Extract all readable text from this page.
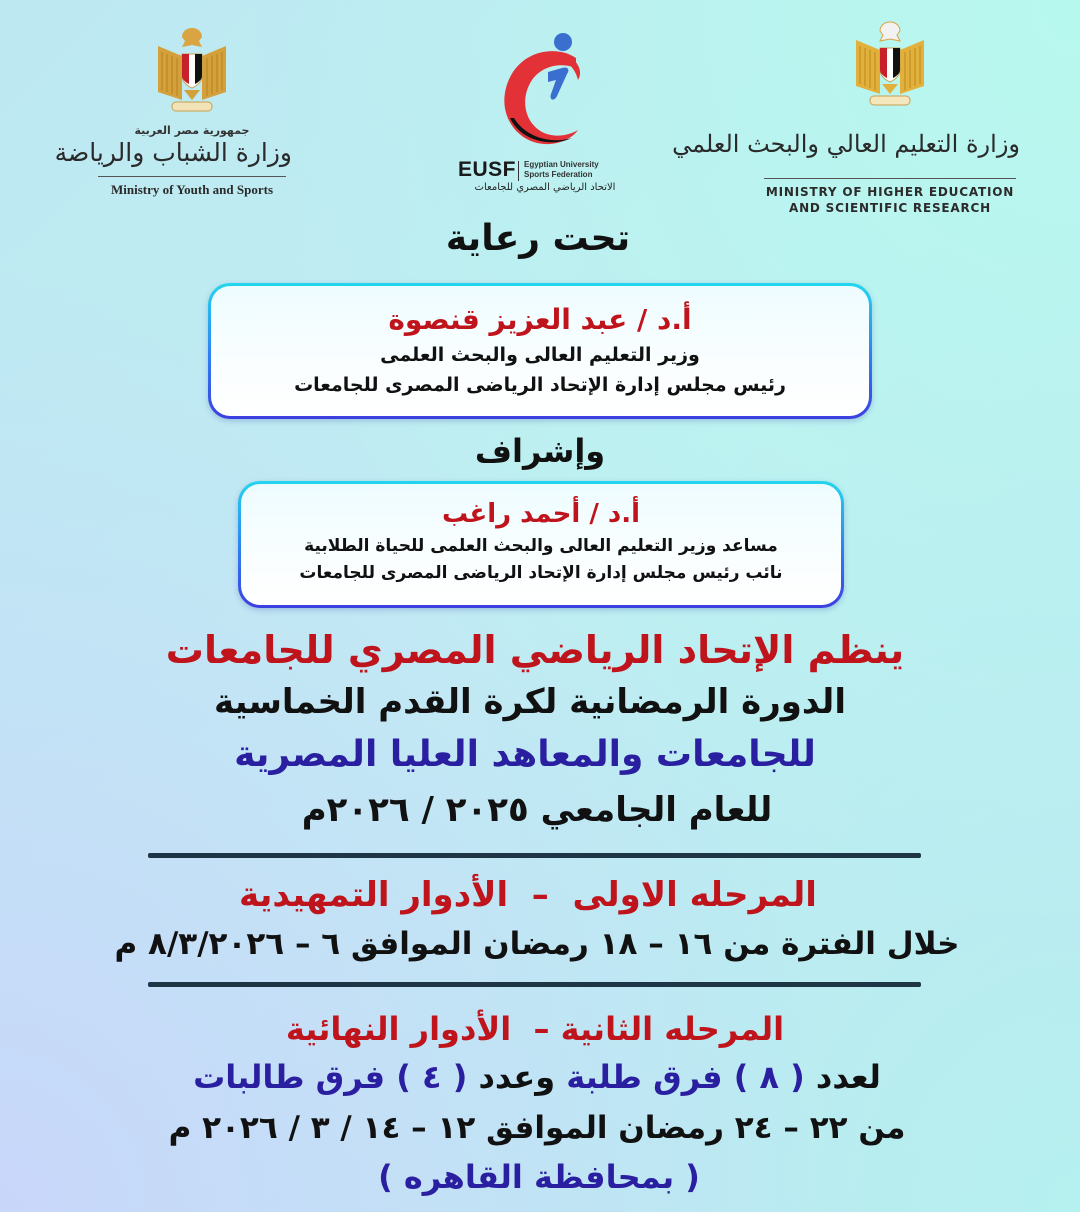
جمهورية مصر العربية
وزارة الشباب والرياضة
Ministry of Youth and Sports
EUSF Egyptian University
Sports Federation
الاتحاد الرياضي المصري للجامعات
وزارة التعليم العالي والبحث العلمي
MINISTRY OF HIGHER EDUCATION
AND SCIENTIFIC RESEARCH
تحت رعاية
أ.د / عبد العزيز قنصوة
وزير التعليم العالى والبحث العلمى
رئيس مجلس إدارة الإتحاد الرياضى المصرى للجامعات
وإشراف
أ.د / أحمد راغب
مساعد وزير التعليم العالى والبحث العلمى للحياة الطلابية
نائب رئيس مجلس إدارة الإتحاد الرياضى المصرى للجامعات
ينظم الإتحاد الرياضي المصري للجامعات
الدورة الرمضانية لكرة القدم الخماسية
للجامعات والمعاهد العليا المصرية
للعام الجامعي ٢٠٢٥ / ٢٠٢٦م
المرحله الاولى  –  الأدوار التمهيدية
خلال الفترة من ١٦ – ١٨ رمضان الموافق ٦ – ٨/٣/٢٠٢٦ م
المرحله الثانية –  الأدوار النهائية
لعدد ( ٨ ) فرق طلبة وعدد ( ٤ ) فرق طالبات
من ٢٢ – ٢٤ رمضان الموافق ١٢ – ١٤ / ٣ / ٢٠٢٦ م
( بمحافظة القاهره )
